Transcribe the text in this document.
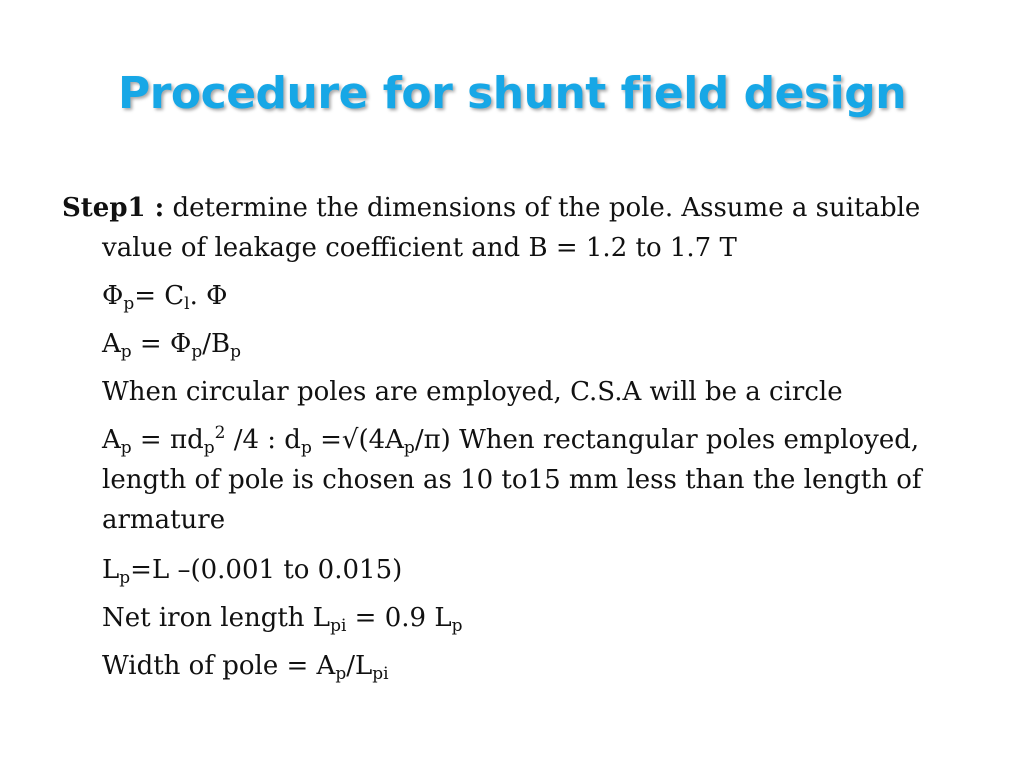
Procedure for shunt field design
Step1 : determine the dimensions of the pole. Assume a suitable value of leakage coefficient and B = 1.2 to 1.7 T
$\Phi_p= C_l$. Φ
$A_p = \Phi_p/B_p$
When circular poles are employed, C.S.A will be a circle
$A_p = \pi d_p^2$ /4 : $d_p =√(4A_p/\pi)$ When rectangular poles employed, length of pole is chosen as 10 to15 mm less than the length of armature
$L_p=L$ –(0.001 to 0.015)
Net iron length $L_{pi} = 0.9$ $L_p$
Width of pole = $A_p/L_{pi}$
